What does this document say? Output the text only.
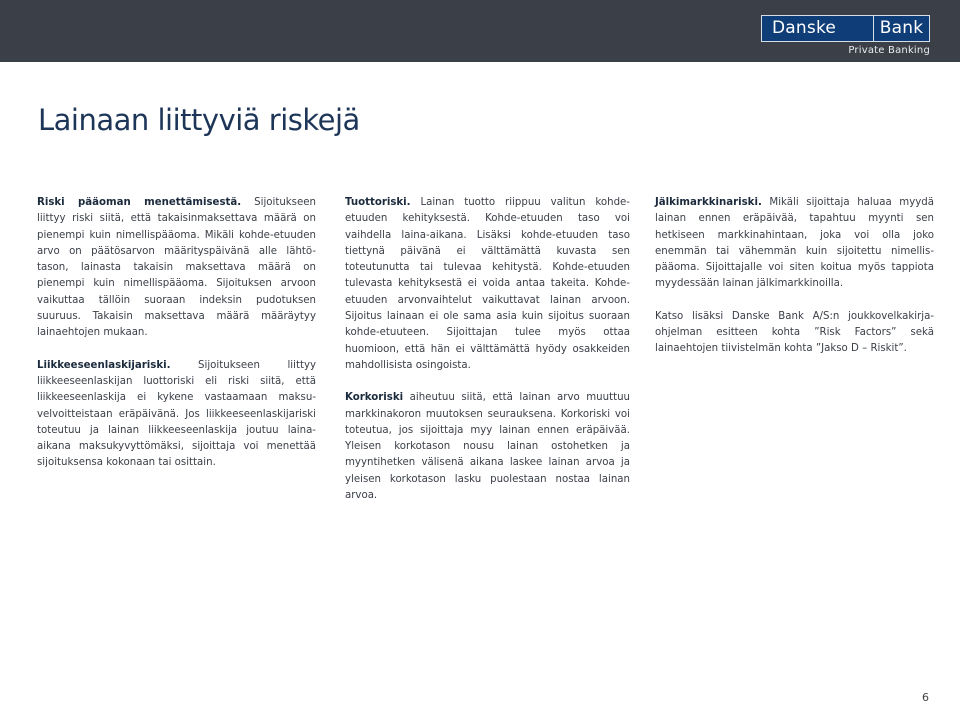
Danske	Bank
Private Banking
Lainaan liittyviä riskejä

Riski pääoman menettämisestä. Sijoitukseen liittyy riski siitä, että takaisinmaksettava määrä on pienempi kuin nimellispääoma. Mikäli kohde-etuuden arvo on päätösarvon määrityspäivänä alle lähtö-tason, lainasta takaisin maksettava määrä on pienempi kuin nimellispääoma. Sijoituksen arvoon vaikuttaa tällöin suoraan indeksin pudotuksen suuruus. Takaisin maksettava määrä määräytyy lainaehtojen mukaan.

Liikkeeseenlaskijariski. Sijoitukseen liittyy liikkeeseenlaskijan luottoriski eli riski siitä, että liikkeeseenlaskija ei kykene vastaamaan maksu-velvoitteistaan eräpäivänä. Jos liikkeeseenlaskijariski toteutuu ja lainan liikkeeseenlaskija joutuu laina-aikana maksukyvyttömäksi, sijoittaja voi menettää sijoituksensa kokonaan tai osittain.

Tuottoriski. Lainan tuotto riippuu valitun kohde-etuuden kehityksestä. Kohde-etuuden taso voi vaihdella laina-aikana. Lisäksi kohde-etuuden taso tiettynä päivänä ei välttämättä kuvasta sen toteutunutta tai tulevaa kehitystä. Kohde-etuuden tulevasta kehityksestä ei voida antaa takeita. Kohde-etuuden arvonvaihtelut vaikuttavat lainan arvoon. Sijoitus lainaan ei ole sama asia kuin sijoitus suoraan kohde-etuuteen. Sijoittajan tulee myös ottaa huomioon, että hän ei välttämättä hyödy osakkeiden mahdollisista osingoista.

Korkoriski aiheutuu siitä, että lainan arvo muuttuu markkinakoron muutoksen seurauksena. Korkoriski voi toteutua, jos sijoittaja myy lainan ennen eräpäivää. Yleisen korkotason nousu lainan ostohetken ja myyntihetken välisenä aikana laskee lainan arvoa ja yleisen korkotason lasku puolestaan nostaa lainan arvoa.

Jälkimarkkinariski. Mikäli sijoittaja haluaa myydä lainan ennen eräpäivää, tapahtuu myynti sen hetkiseen markkinahintaan, joka voi olla joko enemmän tai vähemmän kuin sijoitettu nimellis-pääoma. Sijoittajalle voi siten koitua myös tappiota myydessään lainan jälkimarkkinoilla.

Katso lisäksi Danske Bank A/S:n joukkovelkakirja-ohjelman esitteen kohta ”Risk Factors” sekä lainaehtojen tiivistelmän kohta ”Jakso D – Riskit”.

6
